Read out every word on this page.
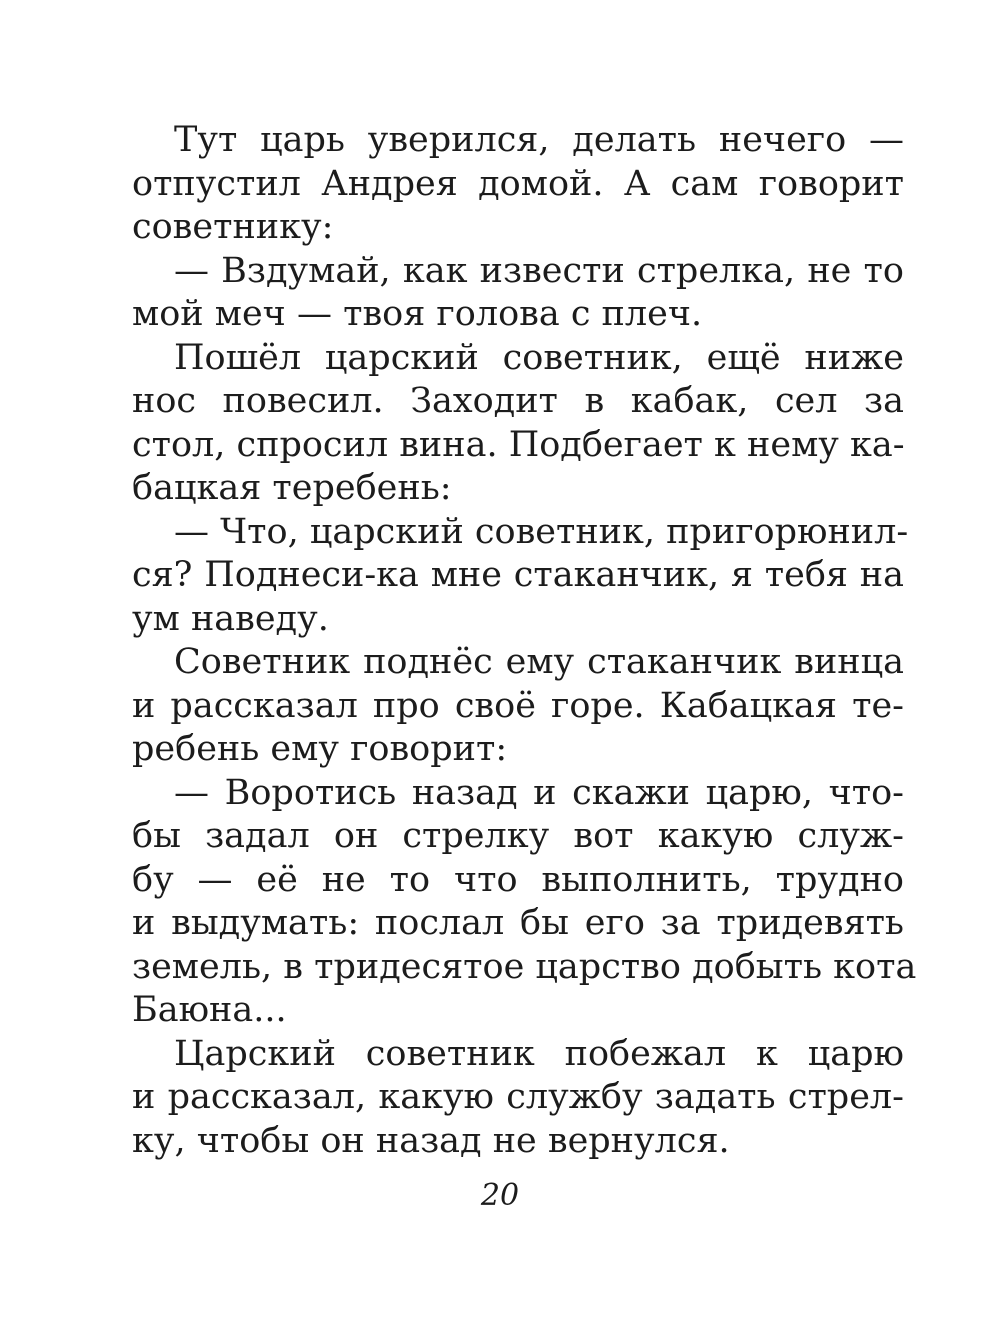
Тут царь уверился, делать нечего —
отпустил Андрея домой. А сам говорит
советнику:
— Вздумай, как извести стрелка, не то
мой меч — твоя голова с плеч.
Пошёл царский советник, ещё ниже
нос повесил. Заходит в кабак, сел за
стол, спросил вина. Подбегает к нему ка-
бацкая теребень:
— Что, царский советник, пригорюнил-
ся? Поднеси-ка мне стаканчик, я тебя на
ум наведу.
Советник поднёс ему стаканчик винца
и рассказал про своё горе. Кабацкая те-
ребень ему говорит:
— Воротись назад и скажи царю, что-
бы задал он стрелку вот какую служ-
бу — её не то что выполнить, трудно
и выдумать: послал бы его за тридевять
земель, в тридесятое царство добыть кота
Баюна...
Царский советник побежал к царю
и рассказал, какую службу задать стрел-
ку, чтобы он назад не вернулся.
20
